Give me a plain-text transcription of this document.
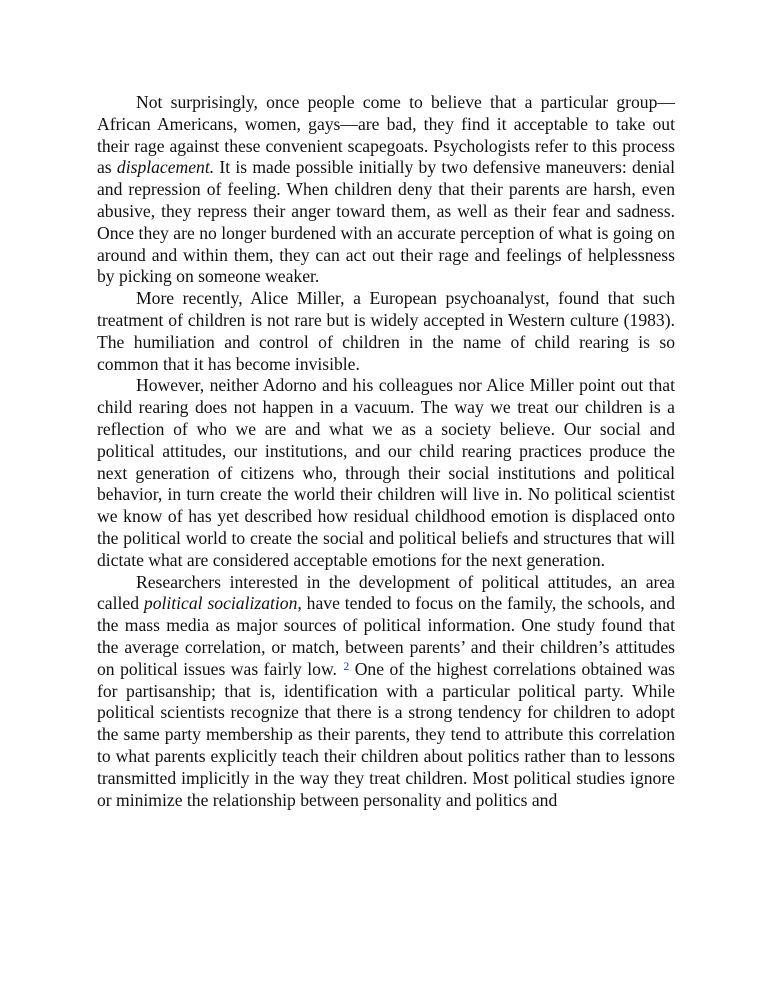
Not surprisingly, once people come to believe that a particular group—African Americans, women, gays—are bad, they find it acceptable to take out their rage against these convenient scapegoats. Psychologists refer to this process as displacement. It is made possible initially by two defensive maneuvers: denial and repression of feeling. When children deny that their parents are harsh, even abusive, they repress their anger toward them, as well as their fear and sadness. Once they are no longer burdened with an accurate perception of what is going on around and within them, they can act out their rage and feelings of helplessness by picking on someone weaker.

More recently, Alice Miller, a European psychoanalyst, found that such treatment of children is not rare but is widely accepted in Western culture (1983). The humiliation and control of children in the name of child rearing is so common that it has become invisible.

However, neither Adorno and his colleagues nor Alice Miller point out that child rearing does not happen in a vacuum. The way we treat our children is a reflection of who we are and what we as a society believe. Our social and political attitudes, our institutions, and our child rearing practices produce the next generation of citizens who, through their social institutions and political behavior, in turn create the world their children will live in. No political scientist we know of has yet described how residual childhood emotion is displaced onto the political world to create the social and political beliefs and structures that will dictate what are considered acceptable emotions for the next generation.

Researchers interested in the development of political attitudes, an area called political socialization, have tended to focus on the family, the schools, and the mass media as major sources of political information. One study found that the average correlation, or match, between parents’ and their children’s attitudes on political issues was fairly low. $^2$ One of the highest correlations obtained was for partisanship; that is, identification with a particular political party. While political scientists recognize that there is a strong tendency for children to adopt the same party membership as their parents, they tend to attribute this correlation to what parents explicitly teach their children about politics rather than to lessons transmitted implicitly in the way they treat children. Most political studies ignore or minimize the relationship between personality and politics and
